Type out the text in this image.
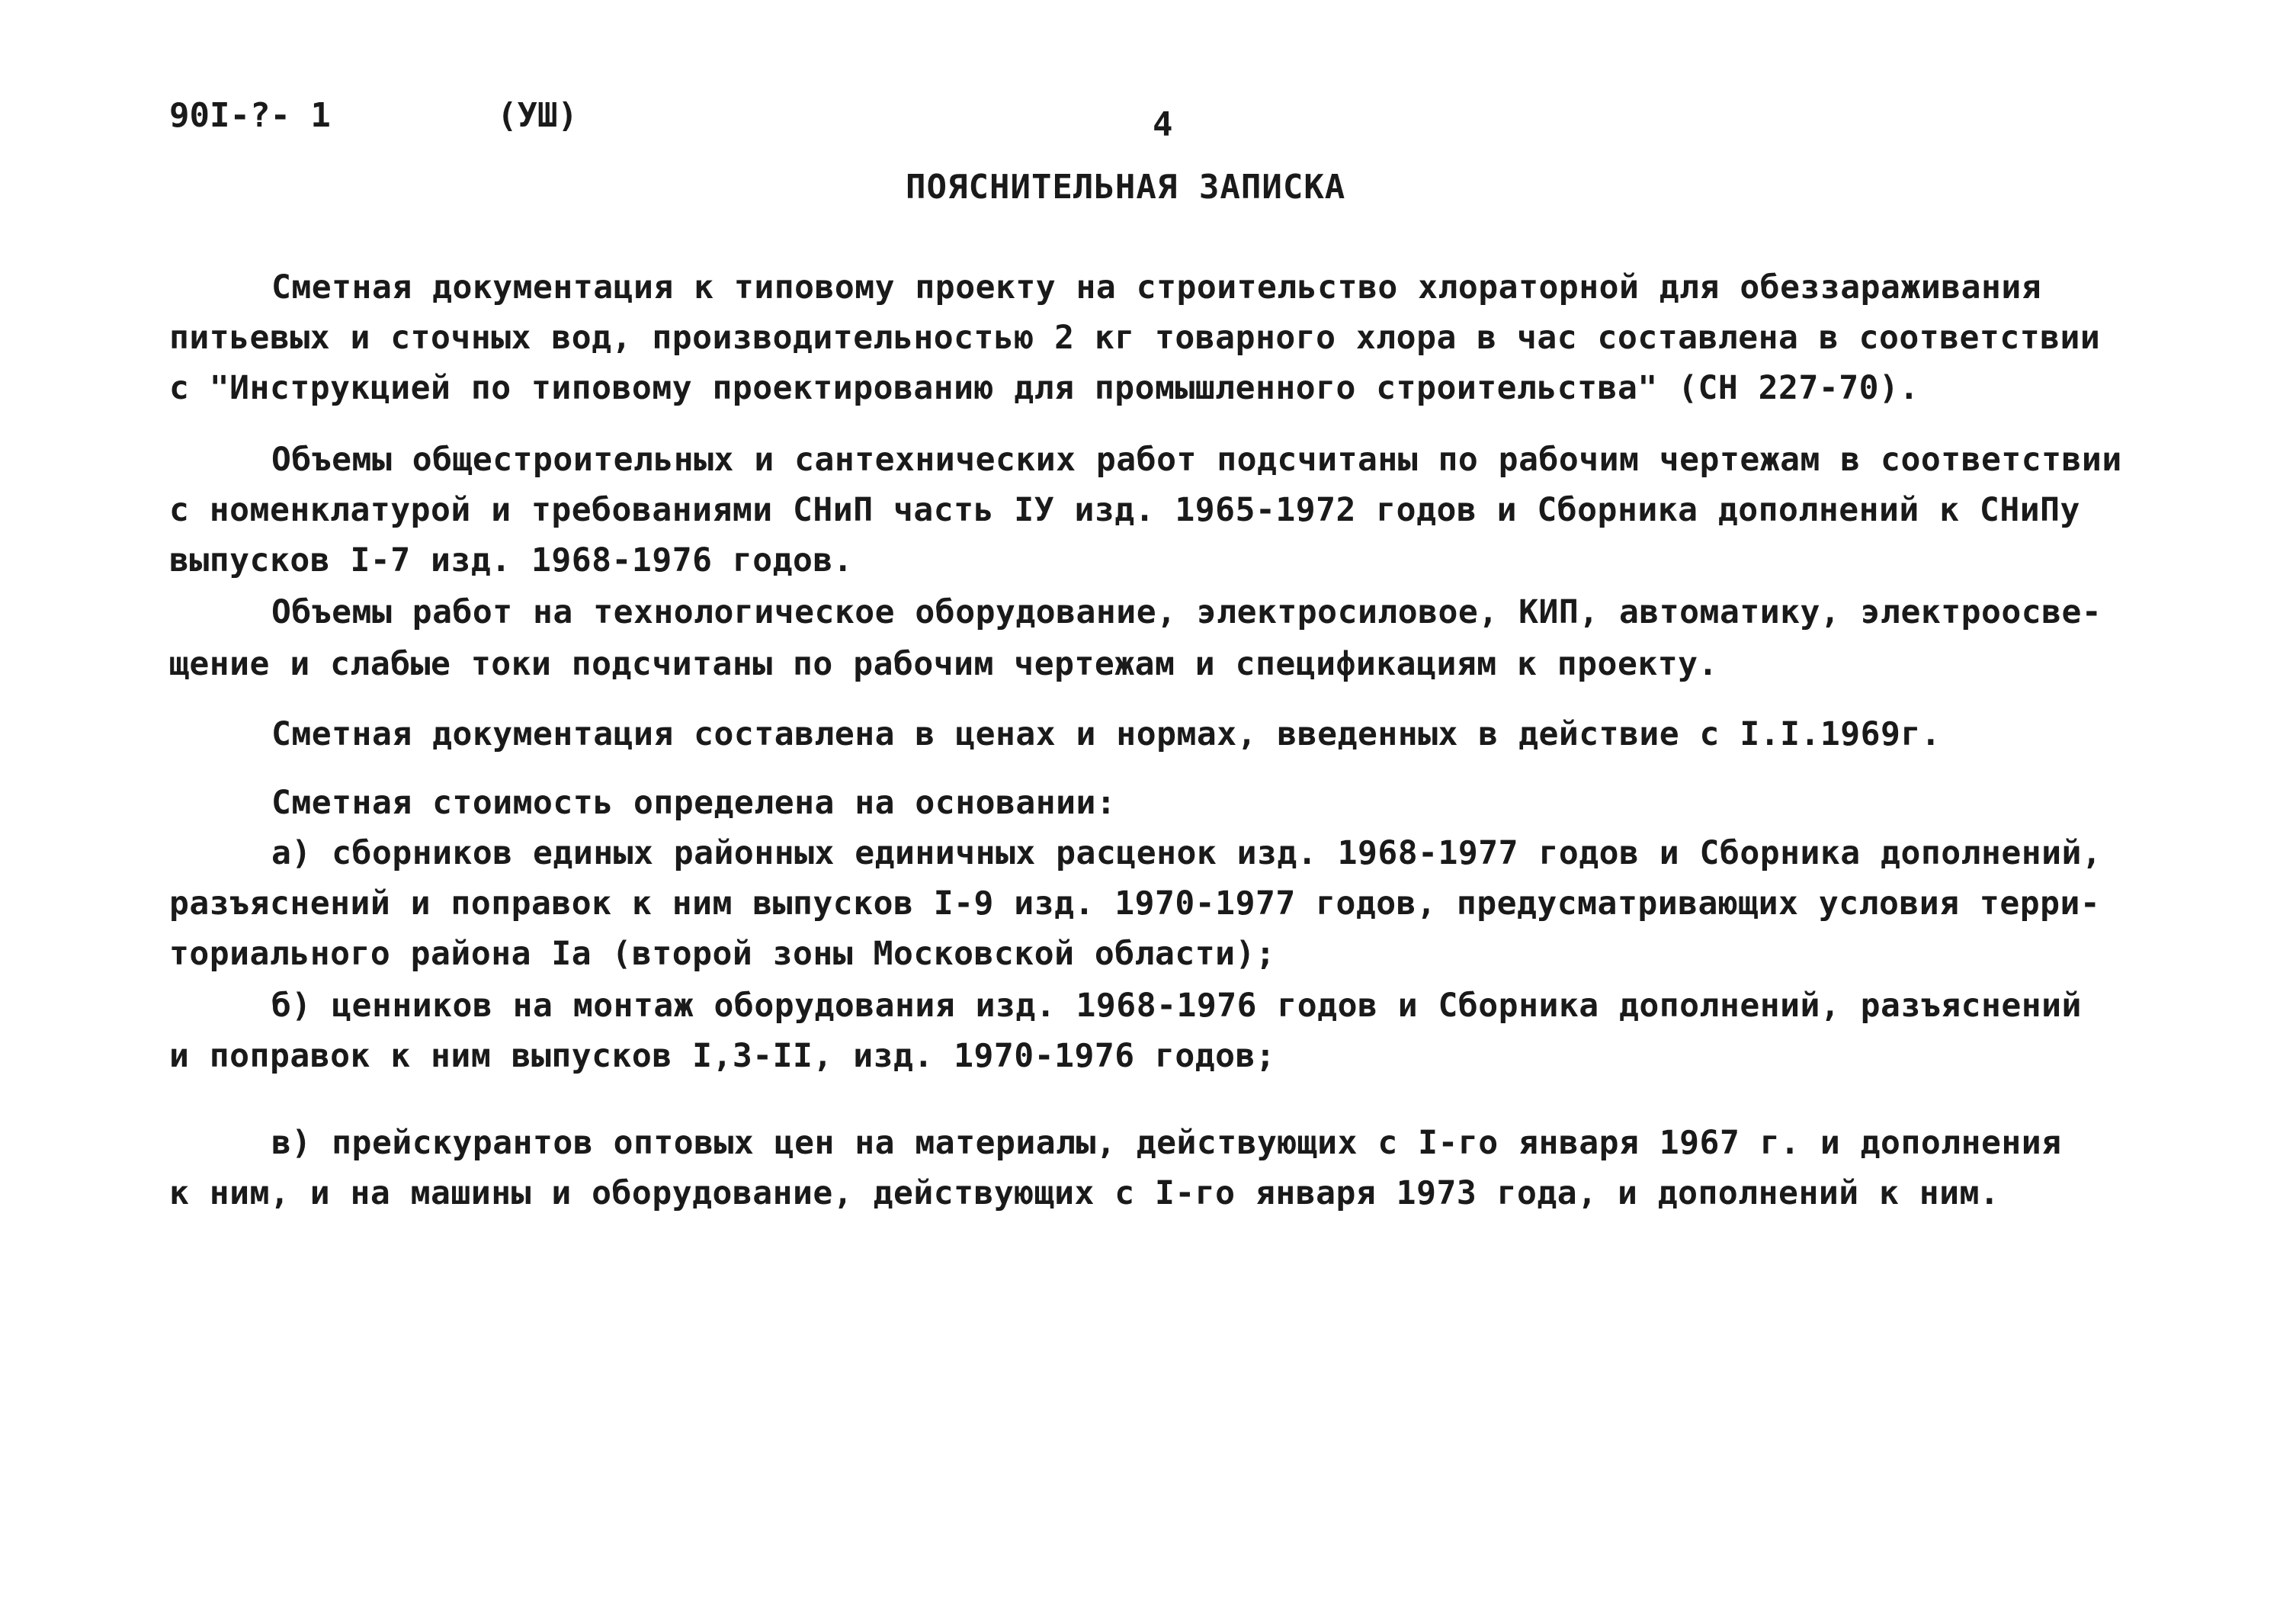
90I-?- 1	(УШ)	4
ПОЯСНИТЕЛЬНАЯ ЗАПИСКА
Сметная документация к типовому проекту на строительство хлораторной для обеззараживания
питьевых и сточных вод, производительностью 2 кг товарного хлора в час составлена в соответствии
с "Инструкцией по типовому проектированию для промышленного строительства" (СН 227-70).
Объемы общестроительных и сантехнических работ подсчитаны по рабочим чертежам в соответствии
с номенклатурой и требованиями СНиП часть IУ изд. 1965-1972 годов и Сборника дополнений к СНиПу
выпусков I-7 изд. 1968-1976 годов.
Объемы работ на технологическое оборудование, электросиловое, КИП, автоматику, электроосве-
щение и слабые токи подсчитаны по рабочим чертежам и спецификациям к проекту.
Сметная документация составлена в ценах и нормах, введенных в действие с I.I.1969г.
Сметная стоимость определена на основании:
а) сборников единых районных единичных расценок изд. 1968-1977 годов и Сборника дополнений,
разъяснений и поправок к ним выпусков I-9 изд. 1970-1977 годов, предусматривающих условия терри-
ториального района Iа (второй зоны Московской области);
б) ценников на монтаж оборудования изд. 1968-1976 годов и Сборника дополнений, разъяснений
и поправок к ним выпусков I,3-II, изд. 1970-1976 годов;
в) прейскурантов оптовых цен на материалы, действующих с I-го января 1967 г. и дополнения
к ним, и на машины и оборудование, действующих с I-го января 1973 года, и дополнений к ним.
